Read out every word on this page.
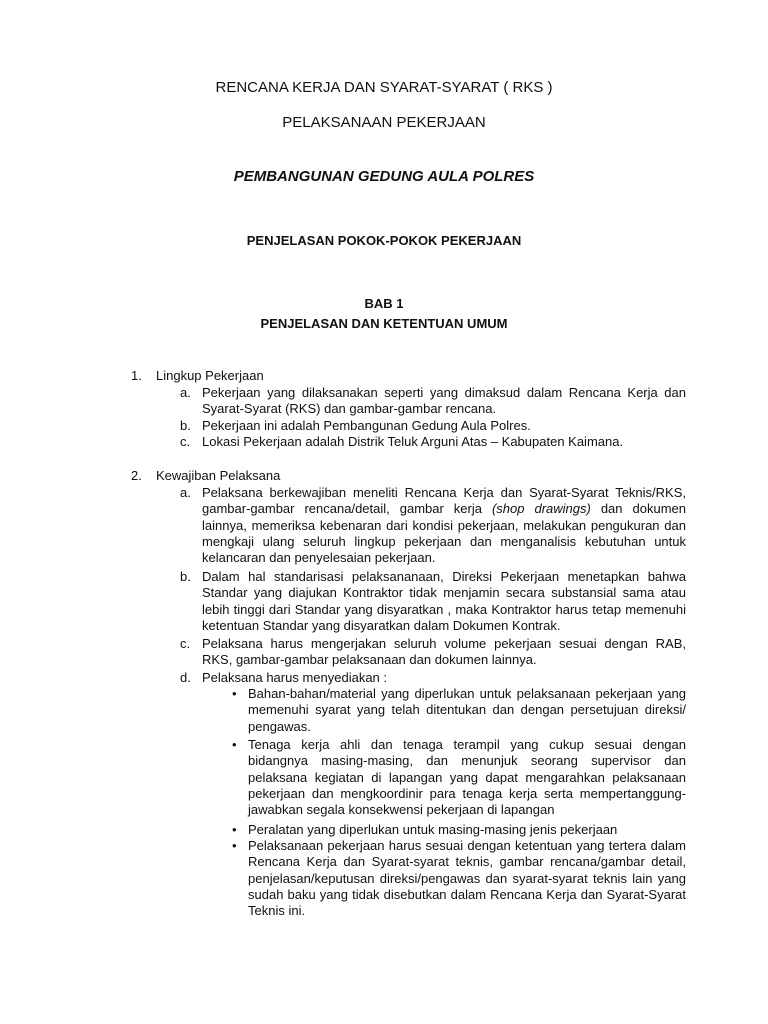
RENCANA KERJA DAN SYARAT-SYARAT ( RKS )
PELAKSANAAN PEKERJAAN
PEMBANGUNAN GEDUNG AULA POLRES
PENJELASAN POKOK-POKOK PEKERJAAN
BAB 1
PENJELASAN DAN KETENTUAN UMUM
1. Lingkup Pekerjaan
a. Pekerjaan yang dilaksanakan seperti yang dimaksud dalam Rencana Kerja dan Syarat-Syarat (RKS) dan gambar-gambar rencana.
b. Pekerjaan ini adalah Pembangunan Gedung Aula Polres.
c. Lokasi Pekerjaan adalah Distrik Teluk Arguni Atas – Kabupaten Kaimana.
2. Kewajiban Pelaksana
a. Pelaksana berkewajiban meneliti Rencana Kerja dan Syarat-Syarat Teknis/RKS, gambar-gambar rencana/detail, gambar kerja (shop drawings) dan dokumen lainnya, memeriksa kebenaran dari kondisi pekerjaan, melakukan pengukuran dan mengkaji ulang seluruh lingkup pekerjaan dan menganalisis kebutuhan untuk kelancaran dan penyelesaian pekerjaan.
b. Dalam hal standarisasi pelaksananaan, Direksi Pekerjaan menetapkan bahwa Standar yang diajukan Kontraktor tidak menjamin secara substansial sama atau lebih tinggi dari Standar yang disyaratkan , maka Kontraktor harus tetap memenuhi ketentuan Standar yang disyaratkan dalam Dokumen Kontrak.
c. Pelaksana harus mengerjakan seluruh volume pekerjaan sesuai dengan RAB, RKS, gambar-gambar pelaksanaan dan dokumen lainnya.
d. Pelaksana harus menyediakan :
• Bahan-bahan/material yang diperlukan untuk pelaksanaan pekerjaan yang memenuhi syarat yang telah ditentukan dan dengan persetujuan direksi/ pengawas.
• Tenaga kerja ahli dan tenaga terampil yang cukup sesuai dengan bidangnya masing-masing, dan menunjuk seorang supervisor dan pelaksana kegiatan di lapangan yang dapat mengarahkan pelaksanaan pekerjaan dan mengkoordinir para tenaga kerja serta mempertanggung-jawabkan segala konsekwensi pekerjaan di lapangan
• Peralatan yang diperlukan untuk masing-masing jenis pekerjaan
• Pelaksanaan pekerjaan harus sesuai dengan ketentuan yang tertera dalam Rencana Kerja dan Syarat-syarat teknis, gambar rencana/gambar detail, penjelasan/keputusan direksi/pengawas dan syarat-syarat teknis lain yang sudah baku yang tidak disebutkan dalam Rencana Kerja dan Syarat-Syarat Teknis ini.
